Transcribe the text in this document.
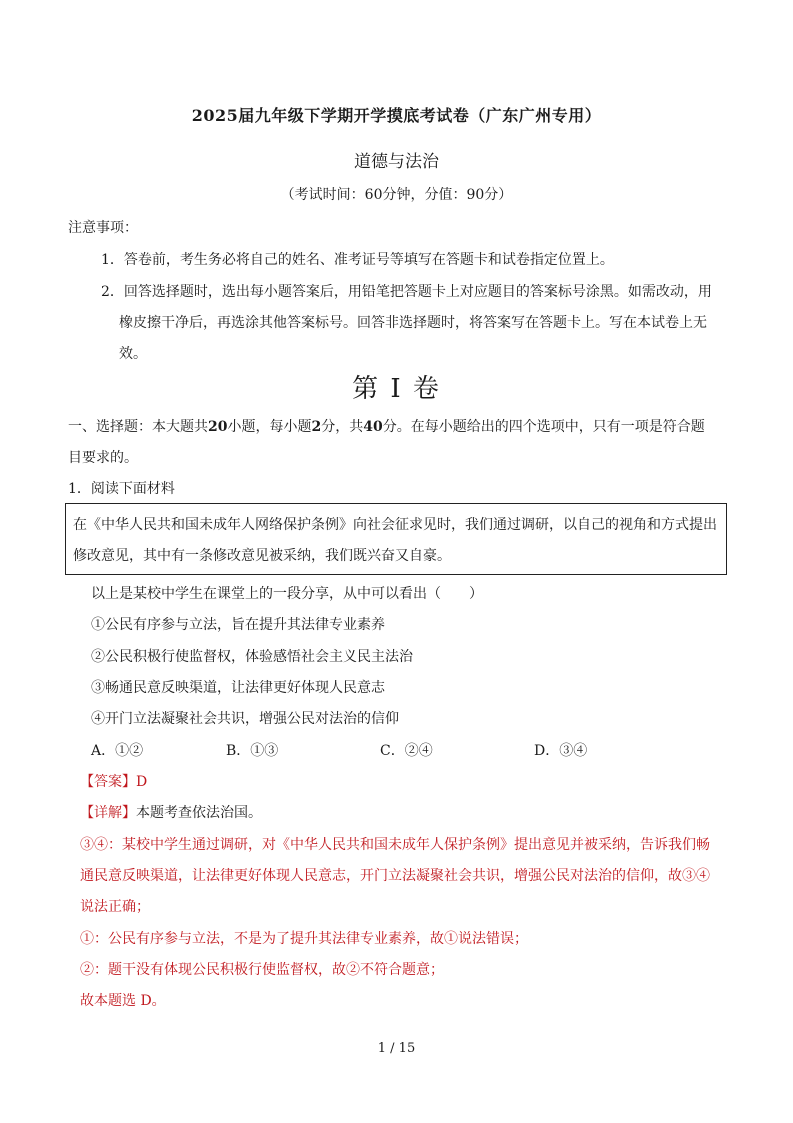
2025届九年级下学期开学摸底考试卷（广东广州专用）
道德与法治
（考试时间：60分钟，分值：90分）
注意事项：
1．答卷前，考生务必将自己的姓名、准考证号等填写在答题卡和试卷指定位置上。
2．回答选择题时，选出每小题答案后，用铅笔把答题卡上对应题目的答案标号涂黑。如需改动，用
橡皮擦干净后，再选涂其他答案标号。回答非选择题时，将答案写在答题卡上。写在本试卷上无
效。
第 I 卷
一、选择题：本大题共20小题，每小题2分，共40分。在每小题给出的四个选项中，只有一项是符合题
目要求的。
1．阅读下面材料
在《中华人民共和国未成年人网络保护条例》向社会征求见时，我们通过调研，以自己的视角和方式提出
修改意见，其中有一条修改意见被采纳，我们既兴奋又自豪。
以上是某校中学生在课堂上的一段分享，从中可以看出（　　）
①公民有序参与立法，旨在提升其法律专业素养
②公民积极行使监督权，体验感悟社会主义民主法治
③畅通民意反映渠道，让法律更好体现人民意志
④开门立法凝聚社会共识，增强公民对法治的信仰
A．①②	B．①③	C．②④	D．③④
【答案】D
【详解】本题考查依法治国。
③④：某校中学生通过调研，对《中华人民共和国未成年人保护条例》提出意见并被采纳，告诉我们畅
通民意反映渠道，让法律更好体现人民意志，开门立法凝聚社会共识，增强公民对法治的信仰，故③④
说法正确；
①：公民有序参与立法，不是为了提升其法律专业素养，故①说法错误；
②：题干没有体现公民积极行使监督权，故②不符合题意；
故本题选 D。
1 / 15
